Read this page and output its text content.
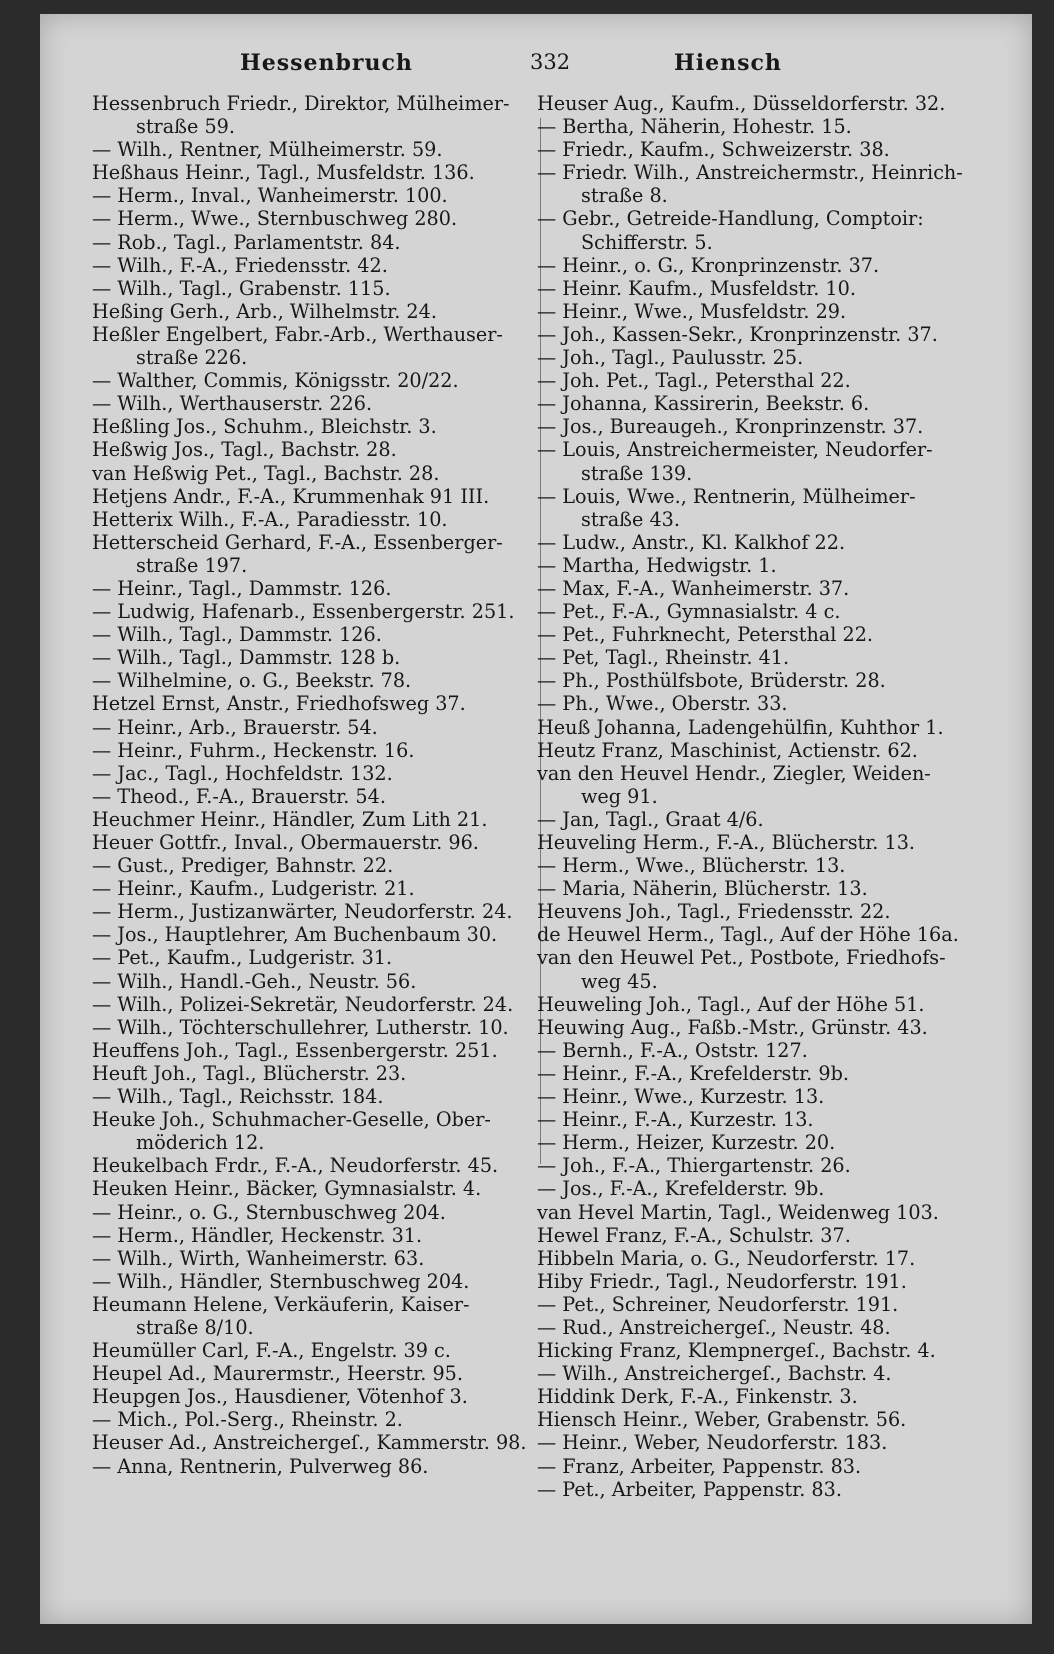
Hessenbruch	332	Hiensch
Hessenbruch Friedr., Direktor, Mülheimer-
straße 59.
— Wilh., Rentner, Mülheimerstr. 59.
Heßhaus Heinr., Tagl., Musfeldstr. 136.
— Herm., Inval., Wanheimerstr. 100.
— Herm., Wwe., Sternbuschweg 280.
— Rob., Tagl., Parlamentstr. 84.
— Wilh., F.-A., Friedensstr. 42.
— Wilh., Tagl., Grabenstr. 115.
Heßing Gerh., Arb., Wilhelmstr. 24.
Heßler Engelbert, Fabr.-Arb., Werthauser-
straße 226.
— Walther, Commis, Königsstr. 20/22.
— Wilh., Werthauserstr. 226.
Heßling Jos., Schuhm., Bleichstr. 3.
Heßwig Jos., Tagl., Bachstr. 28.
van Heßwig Pet., Tagl., Bachstr. 28.
Hetjens Andr., F.-A., Krummenhak 91 III.
Hetterix Wilh., F.-A., Paradiesstr. 10.
Hetterscheid Gerhard, F.-A., Essenberger-
straße 197.
— Heinr., Tagl., Dammstr. 126.
— Ludwig, Hafenarb., Essenbergerstr. 251.
— Wilh., Tagl., Dammstr. 126.
— Wilh., Tagl., Dammstr. 128 b.
— Wilhelmine, o. G., Beekstr. 78.
Hetzel Ernst, Anstr., Friedhofsweg 37.
— Heinr., Arb., Brauerstr. 54.
— Heinr., Fuhrm., Heckenstr. 16.
— Jac., Tagl., Hochfeldstr. 132.
— Theod., F.-A., Brauerstr. 54.
Heuchmer Heinr., Händler, Zum Lith 21.
Heuer Gottfr., Inval., Obermauerstr. 96.
— Gust., Prediger, Bahnstr. 22.
— Heinr., Kaufm., Ludgeristr. 21.
— Herm., Justizanwärter, Neudorferstr. 24.
— Jos., Hauptlehrer, Am Buchenbaum 30.
— Pet., Kaufm., Ludgeristr. 31.
— Wilh., Handl.-Geh., Neustr. 56.
— Wilh., Polizei-Sekretär, Neudorferstr. 24.
— Wilh., Töchterschullehrer, Lutherstr. 10.
Heuffens Joh., Tagl., Essenbergerstr. 251.
Heuft Joh., Tagl., Blücherstr. 23.
— Wilh., Tagl., Reichsstr. 184.
Heuke Joh., Schuhmacher-Geselle, Ober-
möderich 12.
Heukelbach Frdr., F.-A., Neudorferstr. 45.
Heuken Heinr., Bäcker, Gymnasialstr. 4.
— Heinr., o. G., Sternbuschweg 204.
— Herm., Händler, Heckenstr. 31.
— Wilh., Wirth, Wanheimerstr. 63.
— Wilh., Händler, Sternbuschweg 204.
Heumann Helene, Verkäuferin, Kaiser-
straße 8/10.
Heumüller Carl, F.-A., Engelstr. 39 c.
Heupel Ad., Maurermstr., Heerstr. 95.
Heupgen Jos., Hausdiener, Vötenhof 3.
— Mich., Pol.-Serg., Rheinstr. 2.
Heuser Ad., Anstreichergeſ., Kammerstr. 98.
— Anna, Rentnerin, Pulverweg 86.
Heuser Aug., Kaufm., Düsseldorferstr. 32.
— Bertha, Näherin, Hohestr. 15.
— Friedr., Kaufm., Schweizerstr. 38.
— Friedr. Wilh., Anstreichermstr., Heinrich-
straße 8.
— Gebr., Getreide-Handlung, Comptoir:
Schifferstr. 5.
— Heinr., o. G., Kronprinzenstr. 37.
— Heinr. Kaufm., Musfeldstr. 10.
— Heinr., Wwe., Musfeldstr. 29.
— Joh., Kassen-Sekr., Kronprinzenstr. 37.
— Joh., Tagl., Paulusstr. 25.
— Joh. Pet., Tagl., Petersthal 22.
— Johanna, Kassirerin, Beekstr. 6.
— Jos., Bureaugeh., Kronprinzenstr. 37.
— Louis, Anstreichermeister, Neudorfer-
straße 139.
— Louis, Wwe., Rentnerin, Mülheimer-
straße 43.
— Ludw., Anstr., Kl. Kalkhof 22.
— Martha, Hedwigstr. 1.
— Max, F.-A., Wanheimerstr. 37.
— Pet., F.-A., Gymnasialstr. 4 c.
— Pet., Fuhrknecht, Petersthal 22.
— Pet, Tagl., Rheinstr. 41.
— Ph., Posthülfsbote, Brüderstr. 28.
— Ph., Wwe., Oberstr. 33.
Heuß Johanna, Ladengehülfin, Kuhthor 1.
Heutz Franz, Maschinist, Actienstr. 62.
van den Heuvel Hendr., Ziegler, Weiden-
weg 91.
— Jan, Tagl., Graat 4/6.
Heuveling Herm., F.-A., Blücherstr. 13.
— Herm., Wwe., Blücherstr. 13.
— Maria, Näherin, Blücherstr. 13.
Heuvens Joh., Tagl., Friedensstr. 22.
de Heuwel Herm., Tagl., Auf der Höhe 16a.
van den Heuwel Pet., Postbote, Friedhofs-
weg 45.
Heuweling Joh., Tagl., Auf der Höhe 51.
Heuwing Aug., Faßb.-Mstr., Grünstr. 43.
— Bernh., F.-A., Oststr. 127.
— Heinr., F.-A., Krefelderstr. 9b.
— Heinr., Wwe., Kurzestr. 13.
— Heinr., F.-A., Kurzestr. 13.
— Herm., Heizer, Kurzestr. 20.
— Joh., F.-A., Thiergartenstr. 26.
— Jos., F.-A., Krefelderstr. 9b.
van Hevel Martin, Tagl., Weidenweg 103.
Hewel Franz, F.-A., Schulstr. 37.
Hibbeln Maria, o. G., Neudorferstr. 17.
Hiby Friedr., Tagl., Neudorferstr. 191.
— Pet., Schreiner, Neudorferstr. 191.
— Rud., Anstreichergeſ., Neustr. 48.
Hicking Franz, Klempnergeſ., Bachstr. 4.
— Wilh., Anstreichergeſ., Bachstr. 4.
Hiddink Derk, F.-A., Finkenstr. 3.
Hiensch Heinr., Weber, Grabenstr. 56.
— Heinr., Weber, Neudorferstr. 183.
— Franz, Arbeiter, Pappenstr. 83.
— Pet., Arbeiter, Pappenstr. 83.
